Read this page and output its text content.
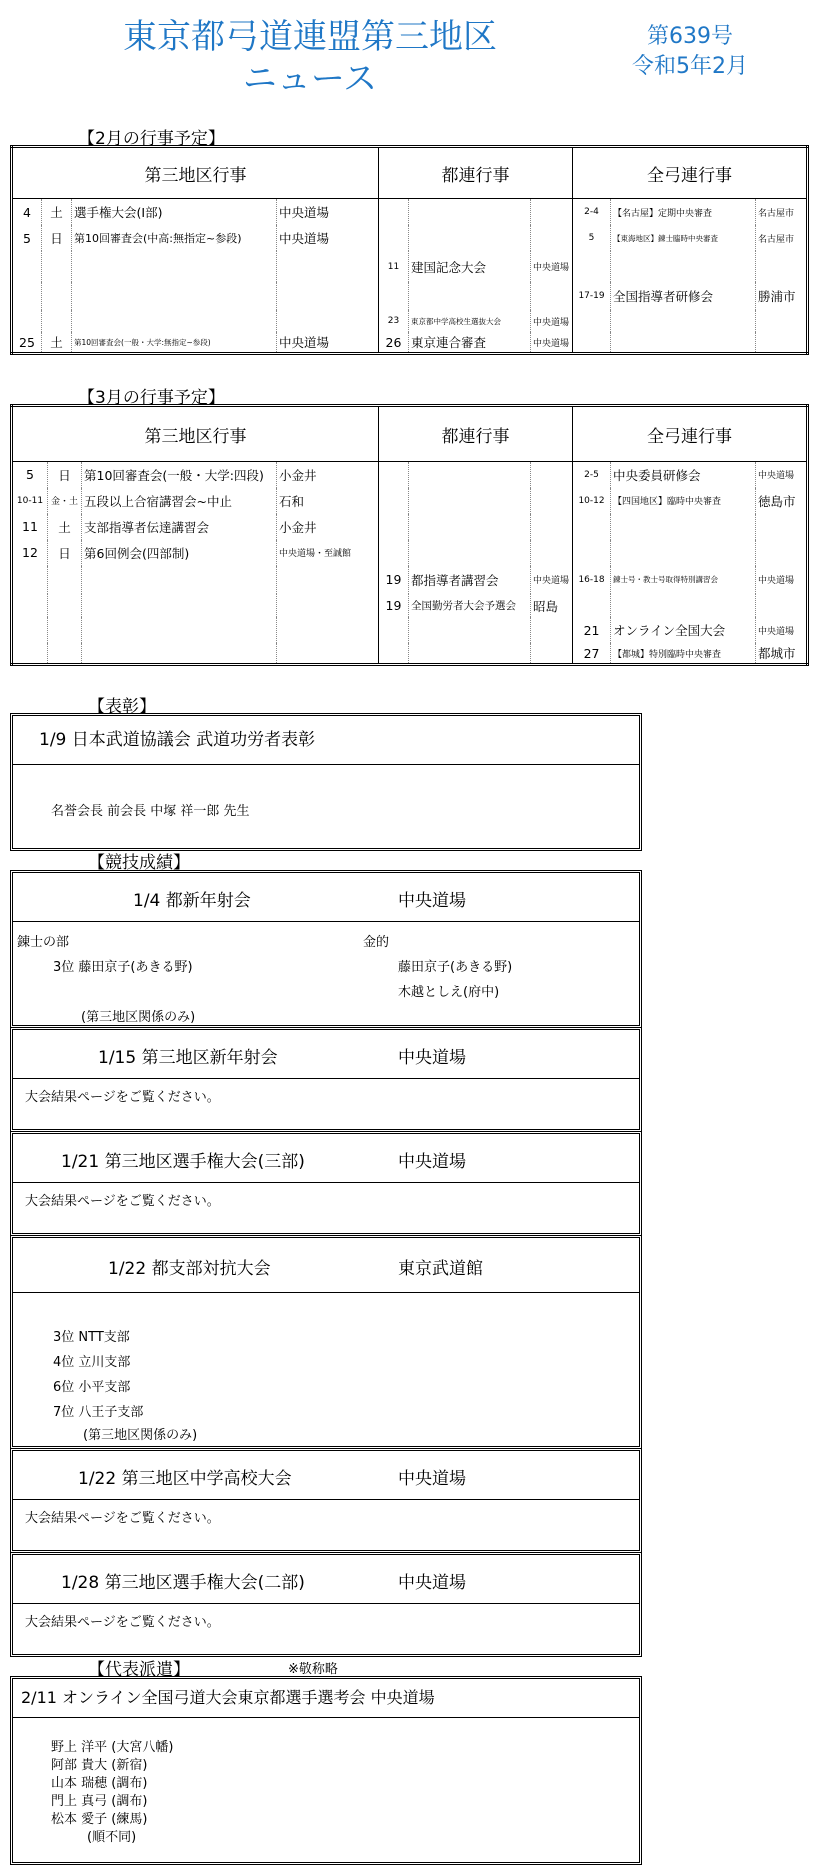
東京都弓道連盟第三地区
ニュース
第639号
令和5年2月
【2月の行事予定】
第三地区行事				都連行事			全弓連行事		
4	土	選手権大会(Ⅰ部)	中央道場				2-4	【名古屋】定期中央審査	名古屋市
5	日	第10回審査会(中高:無指定~参段)	中央道場				5	【東海地区】錬士臨時中央審査	名古屋市
				11	建国記念大会	中央道場			
							17-19	全国指導者研修会	勝浦市
				23	東京都中学高校生選抜大会	中央道場			
25	土	第10回審査会(一般・大学:無指定~参段)	中央道場	26	東京連合審査	中央道場			
【3月の行事予定】
第三地区行事				都連行事			全弓連行事		
5	日	第10回審査会(一般・大学:四段)	小金井				2-5	中央委員研修会	中央道場
10-11	金・土	五段以上合宿講習会~中止	石和				10-12	【四国地区】臨時中央審査	徳島市
11	土	支部指導者伝達講習会	小金井						
12	日	第6回例会(四部制)	中央道場・至誠館						
				19	都指導者講習会	中央道場	16-18	錬士号・教士号取得特別講習会	中央道場
				19	全国勤労者大会予選会	昭島			
							21	オンライン全国大会	中央道場
							27	【都城】特別臨時中央審査	都城市
【表彰】
1/9 日本武道協議会 武道功労者表彰
名誉会長 前会長 中塚 祥一郎 先生
【競技成績】
1/4 都新年射会	中央道場
錬士の部
3位 藤田京子(あきる野)
(第三地区関係のみ)
金的
藤田京子(あきる野)
木越としえ(府中)
1/15 第三地区新年射会	中央道場
大会結果ページをご覧ください。
1/21 第三地区選手権大会(三部)	中央道場
大会結果ページをご覧ください。
1/22 都支部対抗大会	東京武道館
3位 NTT支部
4位 立川支部
6位 小平支部
7位 八王子支部
(第三地区関係のみ)
1/22 第三地区中学高校大会	中央道場
大会結果ページをご覧ください。
1/28 第三地区選手権大会(二部)	中央道場
大会結果ページをご覧ください。
【代表派遣】	※敬称略
2/11 オンライン全国弓道大会東京都選手選考会 中央道場
野上 洋平 (大宮八幡)
阿部 貴大 (新宿)
山本 瑞穂 (調布)
門上 真弓 (調布)
松本 愛子 (練馬)
(順不同)
